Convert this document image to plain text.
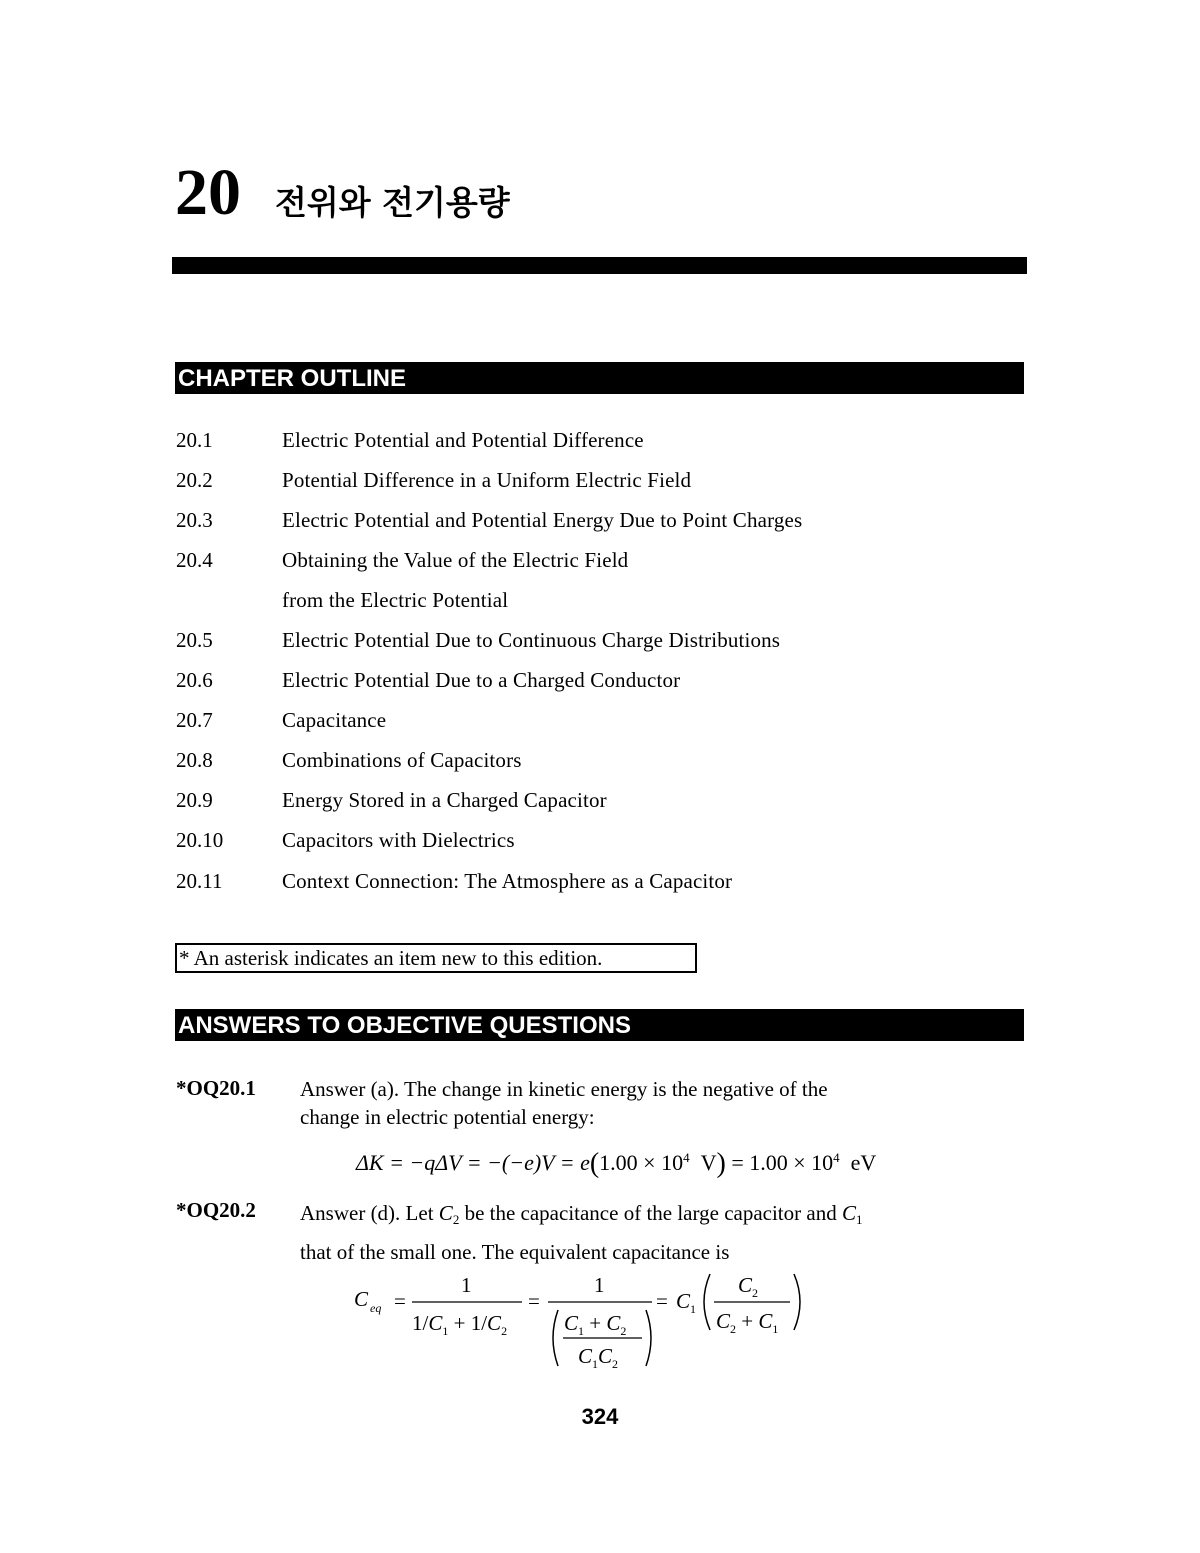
20 전위와 전기용량
CHAPTER OUTLINE
20.1	Electric Potential and Potential Difference
20.2	Potential Difference in a Uniform Electric Field
20.3	Electric Potential and Potential Energy Due to Point Charges
20.4	Obtaining the Value of the Electric Field
from the Electric Potential
20.5	Electric Potential Due to Continuous Charge Distributions
20.6	Electric Potential Due to a Charged Conductor
20.7	Capacitance
20.8	Combinations of Capacitors
20.9	Energy Stored in a Charged Capacitor
20.10	Capacitors with Dielectrics
20.11	Context Connection: The Atmosphere as a Capacitor
* An asterisk indicates an item new to this edition.
ANSWERS TO OBJECTIVE QUESTIONS
*OQ20.1 Answer (a). The change in kinetic energy is the negative of the
change in electric potential energy:
$\Delta K = -q\Delta V = -(-e)V = e(1.00 \times 10^4$ $V) = 1.00 \times 10^4$ eV
*OQ20.2 Answer (d). Let $C_2$ be the capacitance of the large capacitor and $C_1$
that of the small one. The equivalent capacitance is
C eq =
1
$1/C_1 + 1/C_2$
=
1
$C_1 + C_2$
$C_1C_2$
= $C_1$
$C_2$
$C_2 + C_1$
324
